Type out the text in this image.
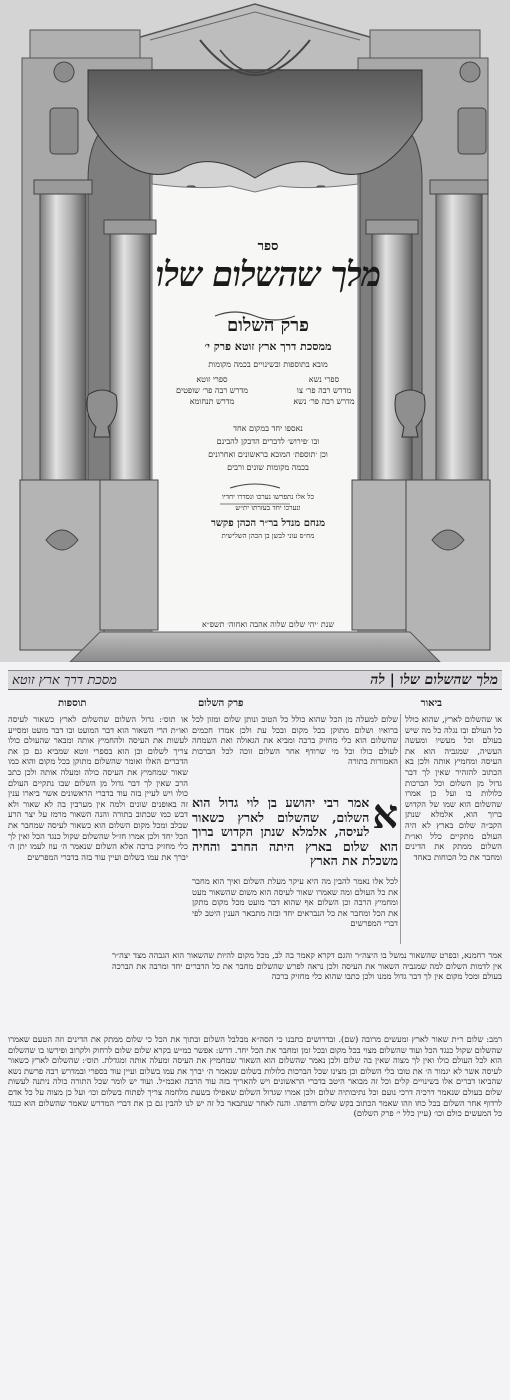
ספר
מלך שהשלום שלו
פרק השלום
ממסכת דרך ארץ זוטא פרק י׳
מובא בתוספות ובשינויים בכמה מקומות
ספרי נשא
ספרי זוטא
מדרש רבה פר׳ צו
מדרש רבה פר׳ שופטים
מדרש רבה פר׳ נשא
מדרש תנחומא
נאספו יחד במקום אחד
ובו ׳פירוש׳ לדברים הדבקן להבינם
וכן ׳תוספת׳ המובא בראשונים ואחרונים
בכמה מקומות שונים ורבים
כל אלו נתפרשו נערכו ונסדרו יחדיו
ונערכו יחד בעזרתו ית״ש
מנחם מנדל בר״ר הכהן פקשר
מח״ס עוני לבשן בן הכהן השלישית
שנת ׳יהי שלום שלוה אהבה ואחוה׳ תשפ״א
מלך שהשלום שלו | לה
מסכת דרך ארץ זוטא
ביאור
פרק השלום
תוספות
או שהשלום לארץ, שהוא כולל כל העולם ובו נגלה כל מה שיש בעולם וכל מעשיו ומעשה העשיה, שמגביה הוא את העיסה ומחמיץ אותה ולכן בא הכתוב להזהיר שאין לך דבר גדול מן השלום וכל הברכות כלולות בו ועל כן אמרו שהשלום הוא שמו של הקדוש ברוך הוא, אלמלא שנתן הקב״ה שלום בארץ לא היה העולם מתקיים כלל ואו״ת השלום ממתק את הדינים ומחבר את כל הכוחות כאחד
שלום למעלה מן הכל שהוא כולל כל הטוב ונותן שלום ומזון לכל ברואיו ושלום מתוקן בכל מקום ובכל עת ולכן אמרו חכמים שהשלום הוא כלי מחזיק ברכה ומביא את הגאולה ואת השמחה לעולם כולו וכל מי שרודף אחר השלום זוכה לכל הברכות האמורות בתורה
א
אמר רבי יהושע בן לוי גדול הוא השלום, שהשלום לארץ כשאור לעיסה, אלמלא שנתן הקדוש ברוך הוא שלום בארץ היתה החרב והחיה משכלת את הארץ
לכל אלו נאמר להבין מה היא עיקר מעלת השלום ואיך הוא מחבר את כל העולם ומה שאמרו שאור לעיסה הוא משום שהשאור מעט ומחמיץ הרבה וכן השלום אף שהוא דבר מועט מכל מקום מתקן את הכל ומחבר את כל הנבראים יחד ובזה מתבאר הענין היטב לפי דברי המפרשים
או תוס׳: גדול השלום שהשלום לארץ כשאור לעיסה ואו״ת הרי השאור הוא דבר המועט ובו דבר מועט ומסייע לעשות את העיסה ולהחמיץ אותה ומבאר שהעולם כולו צריך לשלום וכן הוא בספרי זוטא שמביא גם כן את הדברים האלו ואומר שהשלום מתוקן בכל מקום והוא כמו שאור שמחמיץ את העיסה כולה ומעלה אותה ולכן כתב הרב שאין לך דבר גדול מן השלום שבו נתקיים העולם כולו ויש לעיין בזה עוד בדברי הראשונים אשר ביארו ענין זה באופנים שונים ולמה אין מערבין בה לא שאור ולא דבש כמו שכתוב בתורה והנה השאור מרמז על יצר הרע שבלב ומכל מקום השלום הוא כשאור לעיסה שמחבר את הכל יחד ולכן אמרו חז״ל שהשלום שקול כנגד הכל ואין לך כלי מחזיק ברכה אלא השלום שנאמר ה׳ עוז לעמו יתן ה׳ יברך את עמו בשלום ועיין עוד בזה בדברי המפרשים
אמר רחמנא, ובפרט שהשאור נמשל בו היצה״ר והגם דקרא קאמר בה לב, מכל מקום להיות שהשאור הוא הגבהה מצד יצה״ר אין לדמות השלום למה שמגביה השאור את העיסה ולכן נראה לפרש שהשלום מחבר את כל הדברים יחד ומרבה את הברכה בעולם ומכל מקום אין לך דבר גדול ממנו ולכן כתבו שהוא כלי מחזיק ברכה
רמב: שלום ר״ת שאור לארץ ומעשים מרובה (שם). ובדרושים כתבנו כי הסה״א מבלבל השלום ובתוך את הכל כי שלום ממתק את הדינים וזה הטעם שאמרו שהשלום שקול כנגד הכל ועוד שהשלום מצוי בכל מקום ובכל זמן ומחבר את הכל יחד. דרש: אפשר כמ״ש בקרא שלום שלום לרחוק ולקרוב ופירשו בו שהשלום הוא לכל העולם כולו ואין לך מצוה שאין בה שלום ולכן נאמר שהשלום הוא השאור שמחמיץ את העיסה ומעלה אותה ומגדלת. תוס׳: שהשלום לארץ כשאור לעיסה אשר לא יגמור ה׳ את טובו בלי השלום וכן מצינו שכל הברכות כלולות בשלום שנאמר ה׳ יברך את עמו בשלום ועיין עוד בספרי ובמדרש רבה פרשת נשא שהביאו דברים אלו בשינויים קלים וכל זה מבואר היטב בדברי הראשונים ויש להאריך בזה עוד הרבה ואכמ״ל. ועוד יש לומר שכל התורה כולה ניתנה לעשות שלום בעולם שנאמר דרכיה דרכי נועם וכל נתיבותיה שלום ולכן אמרו שגדול השלום שאפילו בשעת מלחמה צריך לפתוח בשלום וכו׳ ועל כן מצוה על כל אדם לרדוף אחר השלום בכל כחו וזהו שאמר הכתוב בקש שלום ורדפהו. והנה לאחר שנתבאר כל זה יש לנו להבין גם כן את דברי המדרש שאמר שהשלום הוא כנגד כל המעשים כולם וכו׳ (עיין כלל י׳ פרק השלום)
